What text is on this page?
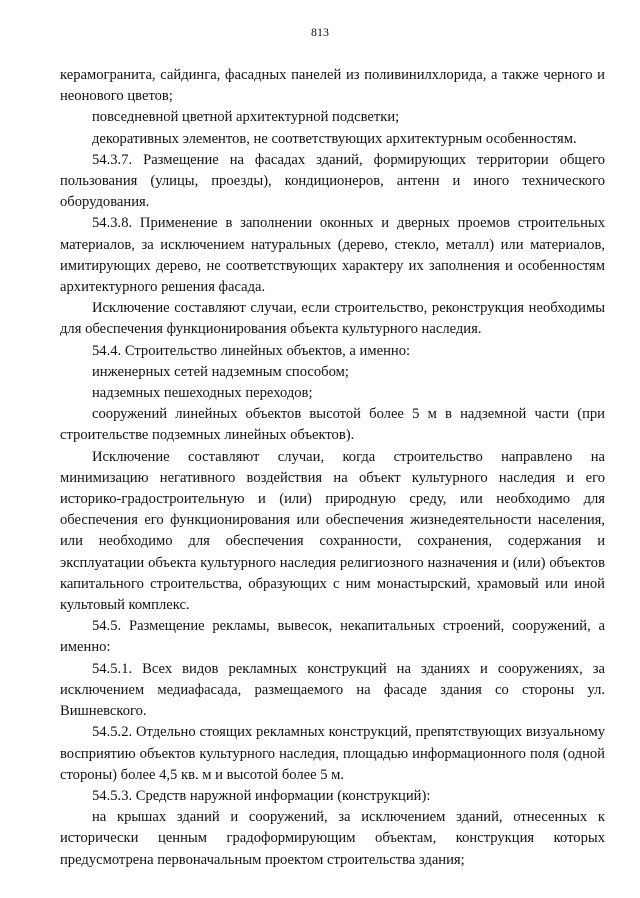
813

керамогранита, сайдинга, фасадных панелей из поливинилхлорида, а также черного и неонового цветов;

повседневной цветной архитектурной подсветки;

декоративных элементов, не соответствующих архитектурным особенностям.

54.3.7. Размещение на фасадах зданий, формирующих территории общего пользования (улицы, проезды), кондиционеров, антенн и иного технического оборудования.

54.3.8. Применение в заполнении оконных и дверных проемов строительных материалов, за исключением натуральных (дерево, стекло, металл) или материалов, имитирующих дерево, не соответствующих характеру их заполнения и особенностям архитектурного решения фасада.

Исключение составляют случаи, если строительство, реконструкция необходимы для обеспечения функционирования объекта культурного наследия.

54.4. Строительство линейных объектов, а именно:

инженерных сетей надземным способом;

надземных пешеходных переходов;

сооружений линейных объектов высотой более 5 м в надземной части (при строительстве подземных линейных объектов).

Исключение составляют случаи, когда строительство направлено на минимизацию негативного воздействия на объект культурного наследия и его историко-градостроительную и (или) природную среду, или необходимо для обеспечения его функционирования или обеспечения жизнедеятельности населения, или необходимо для обеспечения сохранности, сохранения, содержания и эксплуатации объекта культурного наследия религиозного назначения и (или) объектов капитального строительства, образующих с ним монастырский, храмовый или иной культовый комплекс.

54.5. Размещение рекламы, вывесок, некапитальных строений, сооружений, а именно:

54.5.1. Всех видов рекламных конструкций на зданиях и сооружениях, за исключением медиафасада, размещаемого на фасаде здания со стороны ул. Вишневского.

54.5.2. Отдельно стоящих рекламных конструкций, препятствующих визуальному восприятию объектов культурного наследия, площадью информационного поля (одной стороны) более 4,5 кв. м и высотой более 5 м.

54.5.3. Средств наружной информации (конструкций):

на крышах зданий и сооружений, за исключением зданий, отнесенных к исторически ценным градоформирующим объектам, конструкция которых предусмотрена первоначальным проектом строительства здания;
